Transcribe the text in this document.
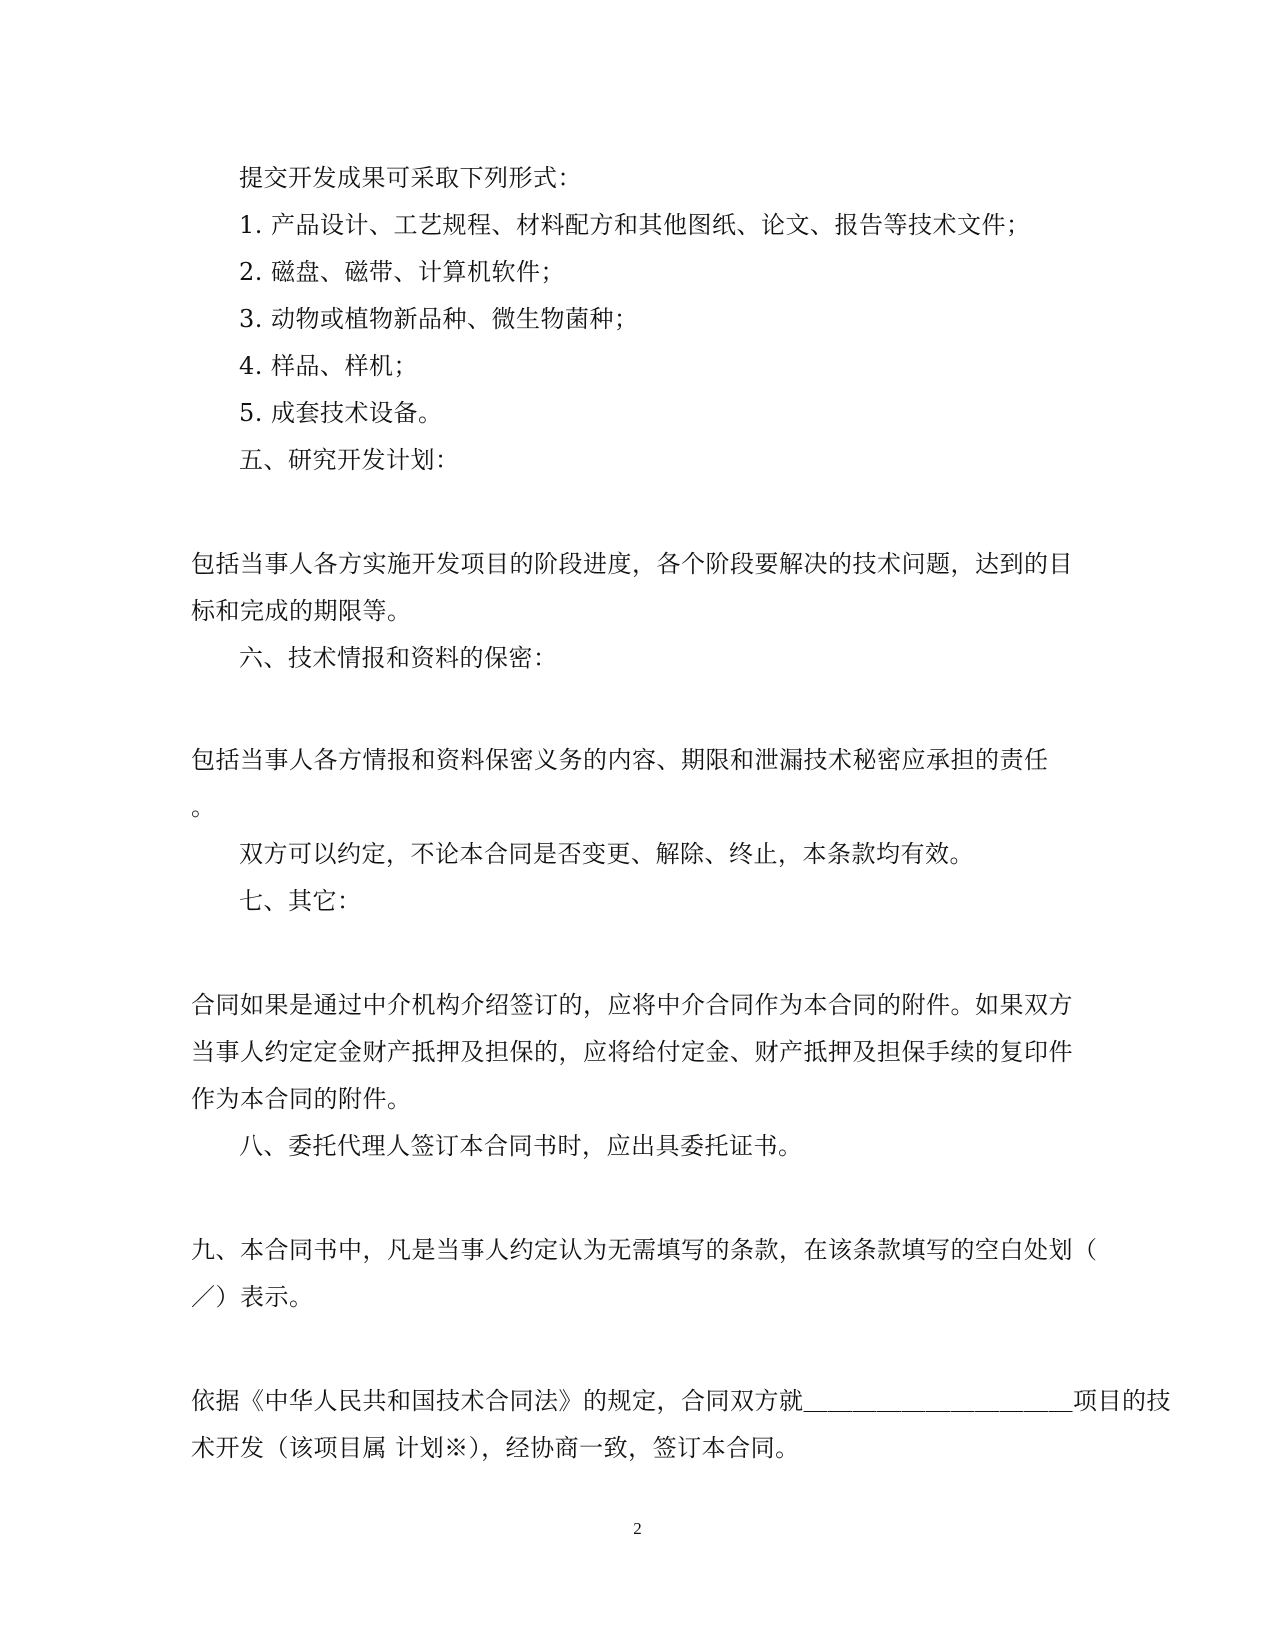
提交开发成果可采取下列形式：
1. 产品设计、工艺规程、材料配方和其他图纸、论文、报告等技术文件；
2. 磁盘、磁带、计算机软件；
3. 动物或植物新品种、微生物菌种；
4. 样品、样机；
5. 成套技术设备。
五、研究开发计划：
包括当事人各方实施开发项目的阶段进度，各个阶段要解决的技术问题，达到的目
标和完成的期限等。
六、技术情报和资料的保密：
包括当事人各方情报和资料保密义务的内容、期限和泄漏技术秘密应承担的责任
。
双方可以约定，不论本合同是否变更、解除、终止，本条款均有效。
七、其它：
合同如果是通过中介机构介绍签订的，应将中介合同作为本合同的附件。如果双方
当事人约定定金财产抵押及担保的，应将给付定金、财产抵押及担保手续的复印件
作为本合同的附件。
八、委托代理人签订本合同书时，应出具委托证书。
九、本合同书中，凡是当事人约定认为无需填写的条款，在该条款填写的空白处划（
／）表示。
依据《中华人民共和国技术合同法》的规定，合同双方就＿＿＿＿＿＿＿＿＿＿＿项目的技
术开发（该项目属 计划※），经协商一致，签订本合同。
2
